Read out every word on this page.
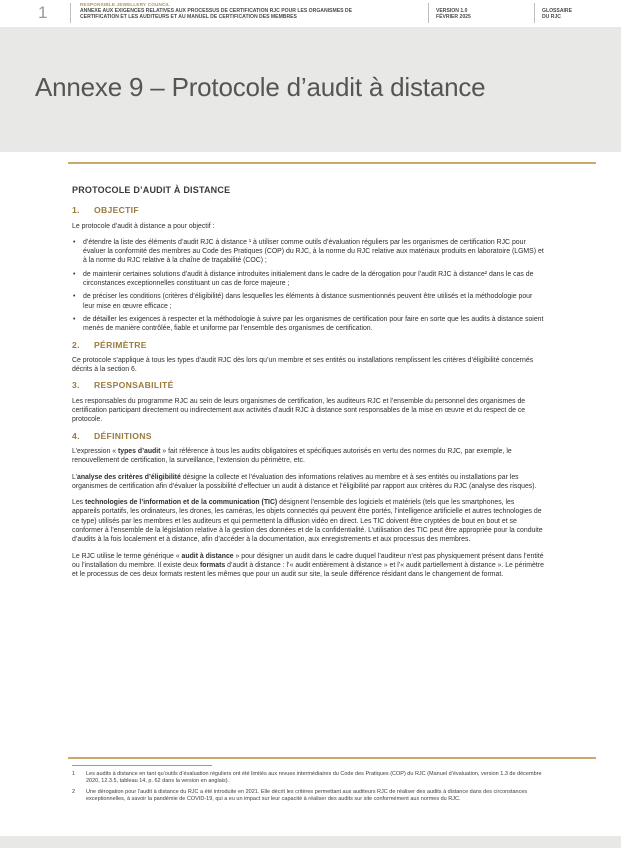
1	RESPONSIBLE JEWELLERY COUNCIL
ANNEXE AUX EXIGENCES RELATIVES AUX PROCESSUS DE CERTIFICATION RJC POUR LES ORGANISMES DE CERTIFICATION ET LES AUDITEURS ET AU MANUEL DE CERTIFICATION DES MEMBRES
VERSION 1.0
FÉVRIER 2025
GLOSSAIRE
DU RJC
Annexe 9 – Protocole d’audit à distance
PROTOCOLE D’AUDIT À DISTANCE
1. OBJECTIF

Le protocole d’audit à distance a pour objectif :

• d’étendre la liste des éléments d’audit RJC à distance ¹ à utiliser comme outils d’évaluation réguliers par les organismes de certification RJC pour évaluer la conformité des membres au Code des Pratiques (COP) du RJC, à la norme du RJC relative aux matériaux produits en laboratoire (LGMS) et à la norme du RJC relative à la chaîne de traçabilité (COC) ;
• de maintenir certaines solutions d’audit à distance introduites initialement dans le cadre de la dérogation pour l’audit RJC à distance² dans le cas de circonstances exceptionnelles constituant un cas de force majeure ;
• de préciser les conditions (critères d’éligibilité) dans lesquelles les éléments à distance susmentionnés peuvent être utilisés et la méthodologie pour leur mise en œuvre efficace ;
• de détailler les exigences à respecter et la méthodologie à suivre par les organismes de certification pour faire en sorte que les audits à distance soient menés de manière contrôlée, fiable et uniforme par l’ensemble des organismes de certification.
2. PÉRIMÈTRE

Ce protocole s’applique à tous les types d’audit RJC dès lors qu’un membre et ses entités ou installations remplissent les critères d’éligibilité concernés décrits à la section 6.

3. RESPONSABILITÉ

Les responsables du programme RJC au sein de leurs organismes de certification, les auditeurs RJC et l’ensemble du personnel des organismes de certification participant directement ou indirectement aux activités d’audit RJC à distance sont responsables de la mise en œuvre et du respect de ce protocole.

4. DÉFINITIONS

L’expression « types d’audit » fait référence à tous les audits obligatoires et spécifiques autorisés en vertu des normes du RJC, par exemple, le renouvellement de certification, la surveillance, l’extension du périmètre, etc.

L’analyse des critères d’éligibilité désigne la collecte et l’évaluation des informations relatives au membre et à ses entités ou installations par les organismes de certification afin d’évaluer la possibilité d’effectuer un audit à distance et l’éligibilité par rapport aux critères du RJC (analyse des risques).

Les technologies de l’information et de la communication (TIC) désignent l’ensemble des logiciels et matériels (tels que les smartphones, les appareils portatifs, les ordinateurs, les drones, les caméras, les objets connectés qui peuvent être portés, l’intelligence artificielle et autres technologies de ce type) utilisés par les membres et les auditeurs et qui permettent la diffusion vidéo en direct. Les TIC doivent être cryptées de bout en bout et se conformer à l’ensemble de la législation relative à la gestion des données et de la confidentialité. L’utilisation des TIC peut être appropriée pour la conduite d’audits à la fois localement et à distance, afin d’accéder à la documentation, aux enregistrements et aux processus des membres.

Le RJC utilise le terme générique « audit à distance » pour désigner un audit dans le cadre duquel l’auditeur n’est pas physiquement présent dans l’entité ou l’installation du membre. Il existe deux formats d’audit à distance : l’« audit entièrement à distance » et l’« audit partiellement à distance ». Le périmètre et le processus de ces deux formats restent les mêmes que pour un audit sur site, la seule différence résidant dans le changement de format.

1 Les audits à distance en tant qu’outils d’évaluation réguliers ont été limités aux revues intermédiaires du Code des Pratiques (COP) du RJC (Manuel d’évaluation, version 1.3 de décembre 2020, 12.3.5, tableau 14, p. 62 dans la version en anglais).
2 Une dérogation pour l’audit à distance du RJC a été introduite en 2021. Elle décrit les critères permettant aux auditeurs RJC de réaliser des audits à distance dans des circonstances exceptionnelles, à savoir la pandémie de COVID-19, qui a eu un impact sur leur capacité à réaliser des audits sur site conformément aux normes du RJC.
